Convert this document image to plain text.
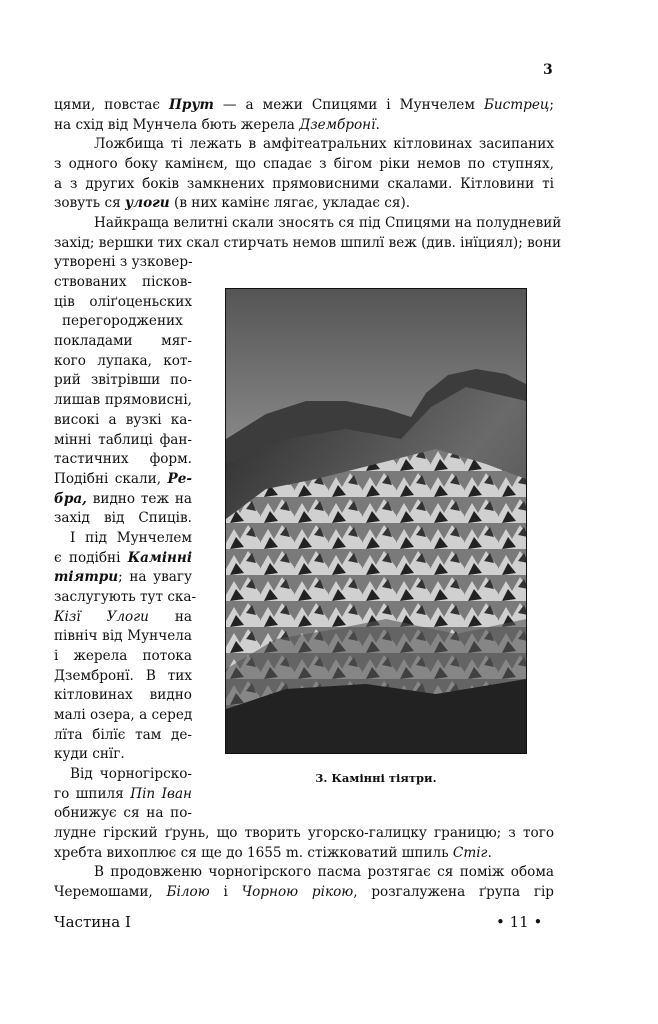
3
цями, повстає Прут — а межи Спицями і Мунчелем Бистрец;
на схід від Мунчела бють жерела Дзембронї.
Ложбища ті лежать в амфітеатральних кітловинах засипаних
з одного боку камінєм, що спадає з бігом ріки немов по ступнях,
а з других боків замкнених прямовисними скалами. Кітловини ті
зовуть ся улоги (в них камінє лягає, укладає ся).
Найкраща велитні скали зносять ся під Спицями на полудневий
захід; вершки тих скал стирчать немов шпилї веж (див. інїциял); вони
утворені з узковер-
ствованих пісков-
ців оліґоценьских
перегороджених
покладами мяг-
кого лупака, кот-
рий звітрівши по-
лишав прямовисні,
високі а вузкі ка-
мінні таблиці фан-
тастичних форм.
Подібні скали, Ре-
бра, видно теж на
захід від Спиців.
І під Мунчелем
є подібні Камінні
тіятри; на увагу
заслугують тут ска-
Кізї Улоги на
північ від Мунчела
і жерела потока
Дзембронї. В тих
кітловинах видно
малі озера, а серед
лїта білїє там де-
куди снїг.
Від чорногірско-
го шпиля Піп Іван
обнижує ся на по-
3. Камінні тіятри.
лудне гірский ґрунь, що творить угорско-галицку границю; з того
хребта вихоплює ся ще до 1655 m. стіжковатий шпиль Стіг.
В продовженю чорногірского пасма розтягає ся поміж обома
Черемошами, Білою і Чорною рікою, розгалужена ґрупа гір
Частина I	• 11 •
